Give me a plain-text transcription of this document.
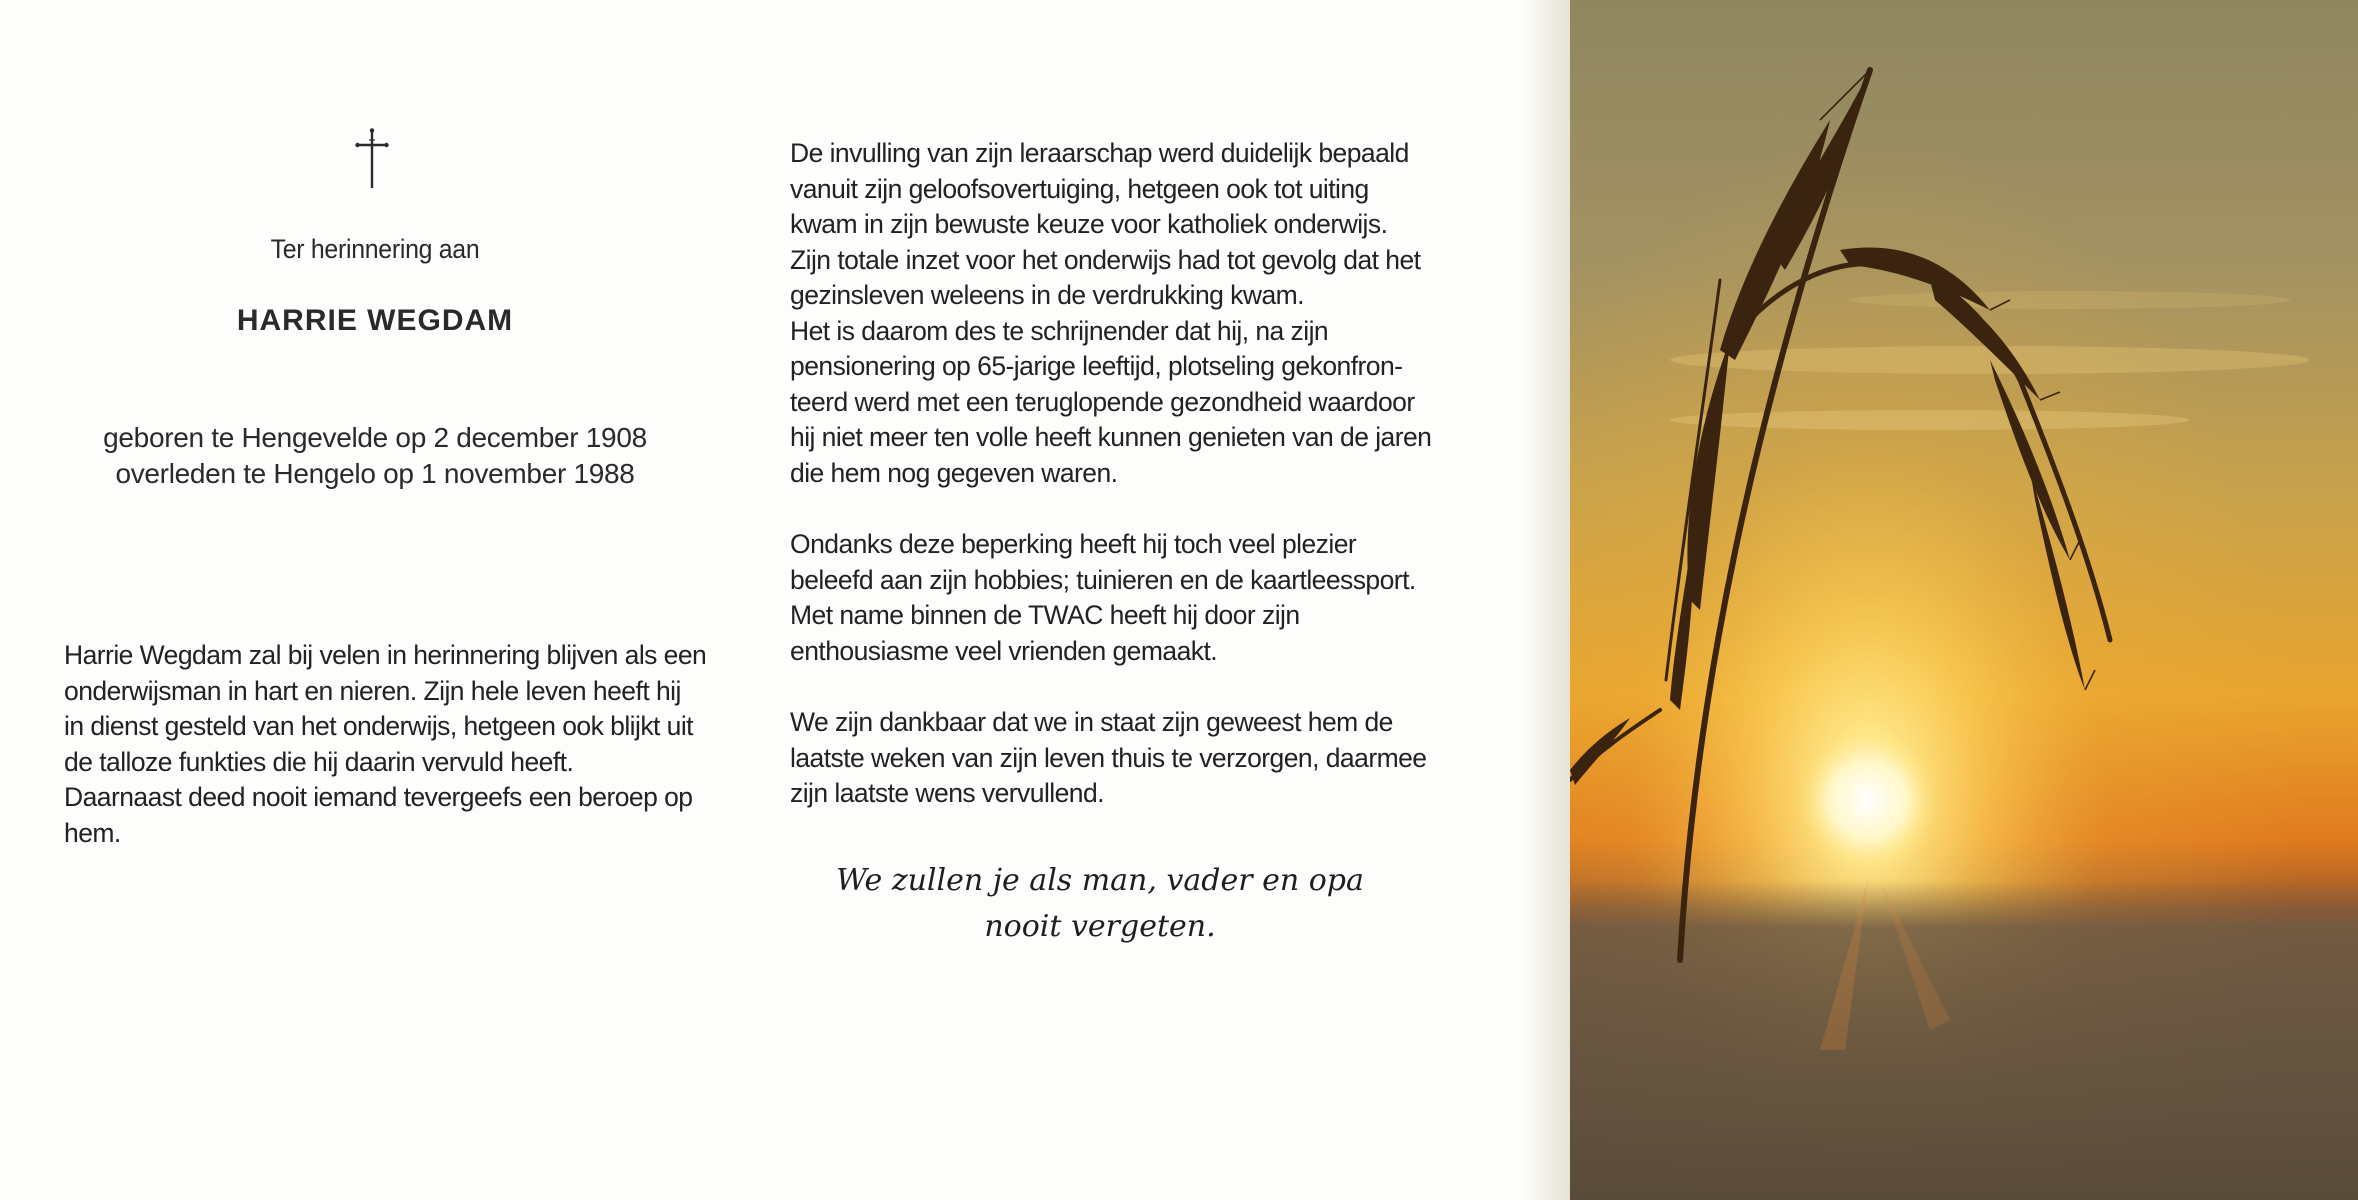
Ter herinnering aan
HARRIE WEGDAM
geboren te Hengevelde op 2 december 1908
overleden te Hengelo op 1 november 1988
Harrie Wegdam zal bij velen in herinnering blijven als een
onderwijsman in hart en nieren. Zijn hele leven heeft hij
in dienst gesteld van het onderwijs, hetgeen ook blijkt uit
de talloze funkties die hij daarin vervuld heeft.
Daarnaast deed nooit iemand tevergeefs een beroep op
hem.
De invulling van zijn leraarschap werd duidelijk bepaald
vanuit zijn geloofsovertuiging, hetgeen ook tot uiting
kwam in zijn bewuste keuze voor katholiek onderwijs.
Zijn totale inzet voor het onderwijs had tot gevolg dat het
gezinsleven weleens in de verdrukking kwam.
Het is daarom des te schrijnender dat hij, na zijn
pensionering op 65-jarige leeftijd, plotseling gekonfron-
teerd werd met een teruglopende gezondheid waardoor
hij niet meer ten volle heeft kunnen genieten van de jaren
die hem nog gegeven waren.
Ondanks deze beperking heeft hij toch veel plezier
beleefd aan zijn hobbies; tuinieren en de kaartleessport.
Met name binnen de TWAC heeft hij door zijn
enthousiasme veel vrienden gemaakt.
We zijn dankbaar dat we in staat zijn geweest hem de
laatste weken van zijn leven thuis te verzorgen, daarmee
zijn laatste wens vervullend.
We zullen je als man, vader en opa
nooit vergeten.
